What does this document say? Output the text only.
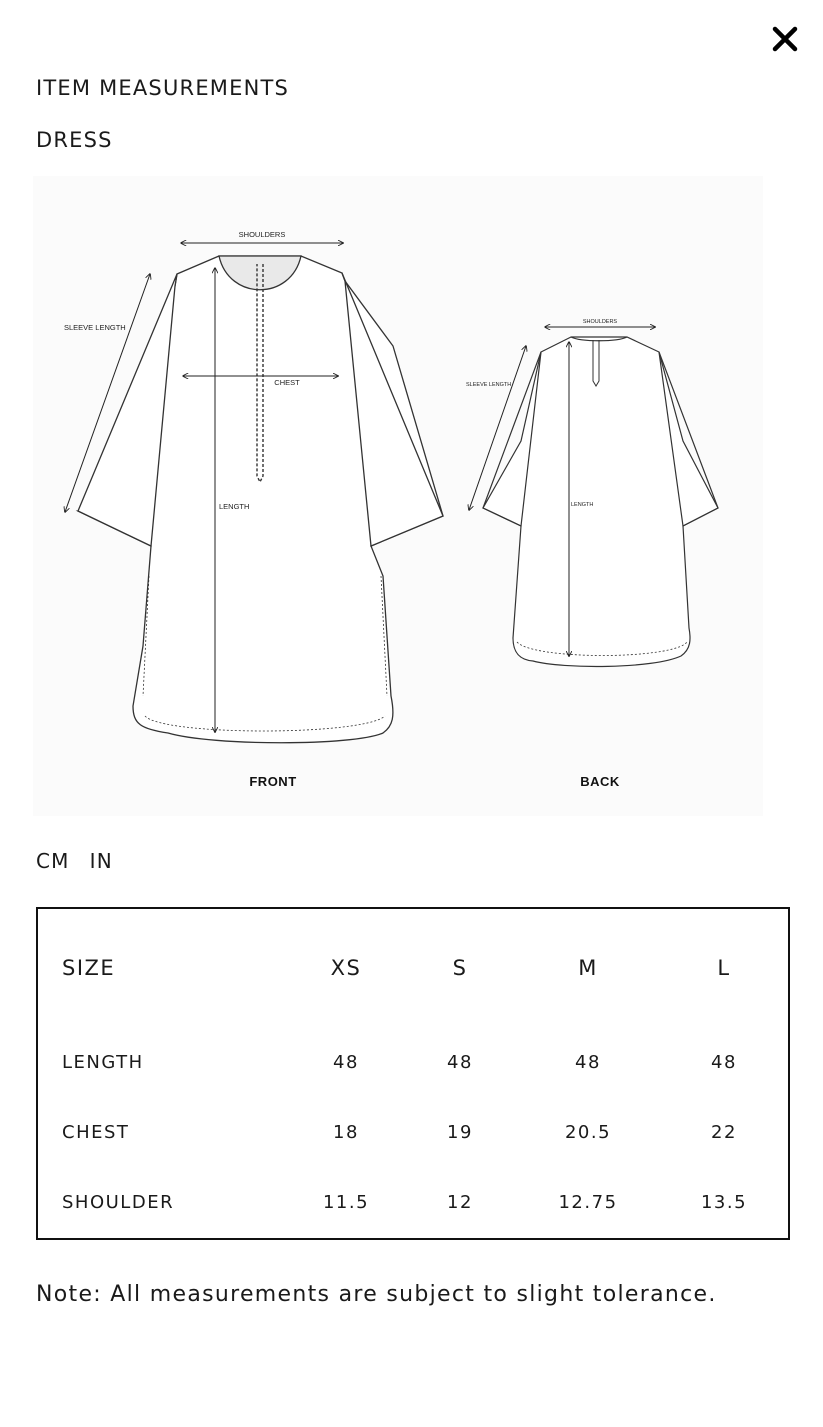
ITEM MEASUREMENTS
DRESS
SHOULDERS
SLEEVE LENGTH
CHEST
LENGTH
FRONT
SHOULDERS
SLEEVE LENGTH
LENGTH
BACK
CM IN
SIZE	XS	S	M	L
LENGTH	48	48	48	48
CHEST	18	19	20.5	22
SHOULDER	11.5	12	12.75	13.5

Note: All measurements are subject to slight tolerance.
